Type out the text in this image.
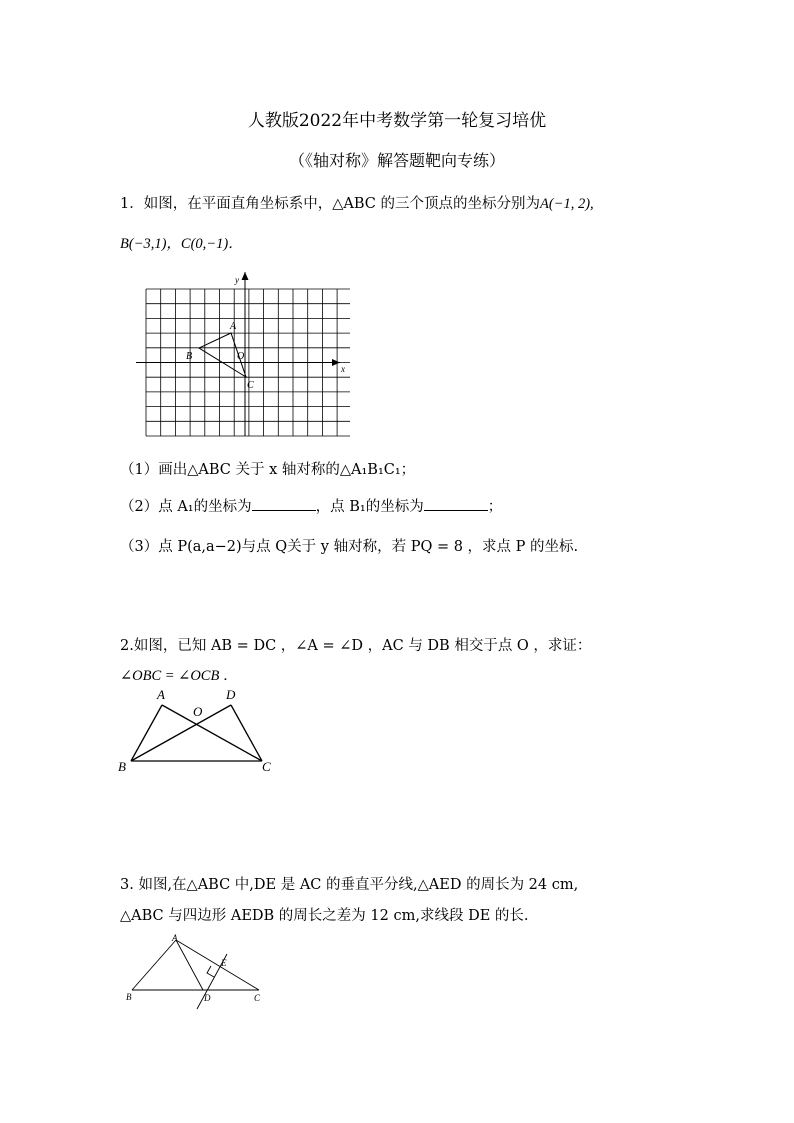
人教版2022年中考数学第一轮复习培优
（《轴对称》解答题靶向专练）
1．如图，在平面直角坐标系中，△ABC 的三个顶点的坐标分别为A(−1, 2),
B(−3,1)，C(0,−1)．
x
y
A
B
C
O
（1）画出△ABC 关于 x 轴对称的△A₁B₁C₁；
（2）点 A₁的坐标为	，点 B₁的坐标为	；
（3）点 P(a,a−2)与点 Q关于 y 轴对称，若 PQ = 8 ，求点 P 的坐标.
2.如图，已知 AB = DC ，∠A = ∠D ，AC 与 DB 相交于点 O ，求证：
∠OBC = ∠OCB ．
A	D
O
B	C
3. 如图,在△ABC 中,DE 是 AC 的垂直平分线,△AED 的周长为 24 cm,
△ABC 与四边形 AEDB 的周长之差为 12 cm,求线段 DE 的长.
A
B	C
D
E
